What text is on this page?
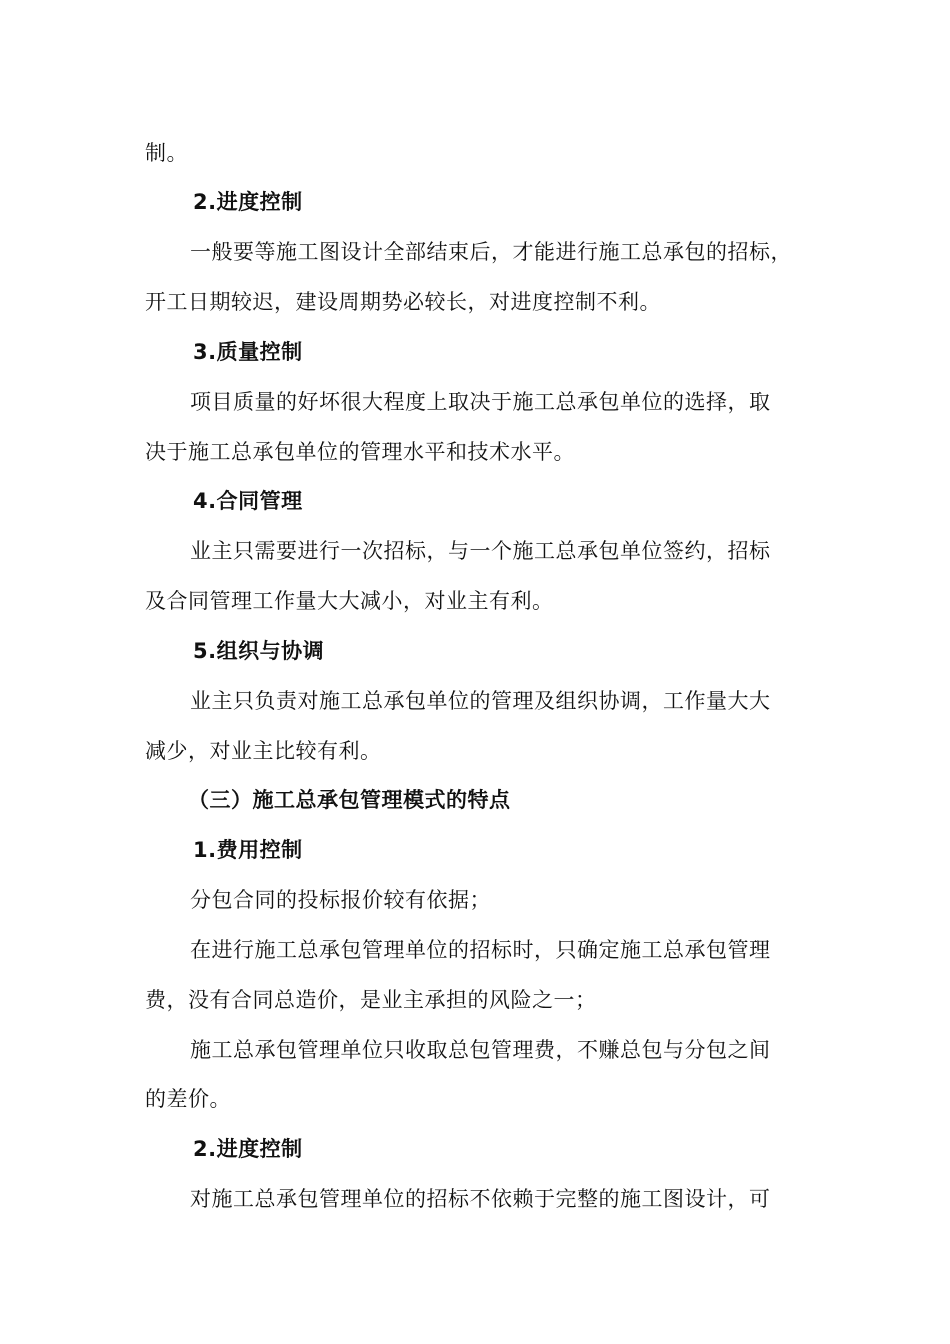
制。
2.进度控制
一般要等施工图设计全部结束后，才能进行施工总承包的招标，
开工日期较迟，建设周期势必较长，对进度控制不利。
3.质量控制
项目质量的好坏很大程度上取决于施工总承包单位的选择，取
决于施工总承包单位的管理水平和技术水平。
4.合同管理
业主只需要进行一次招标，与一个施工总承包单位签约，招标
及合同管理工作量大大减小，对业主有利。
5.组织与协调
业主只负责对施工总承包单位的管理及组织协调，工作量大大
减少，对业主比较有利。
（三）施工总承包管理模式的特点
1.费用控制
分包合同的投标报价较有依据；
在进行施工总承包管理单位的招标时，只确定施工总承包管理
费，没有合同总造价，是业主承担的风险之一；
施工总承包管理单位只收取总包管理费，不赚总包与分包之间
的差价。
2.进度控制
对施工总承包管理单位的招标不依赖于完整的施工图设计，可
